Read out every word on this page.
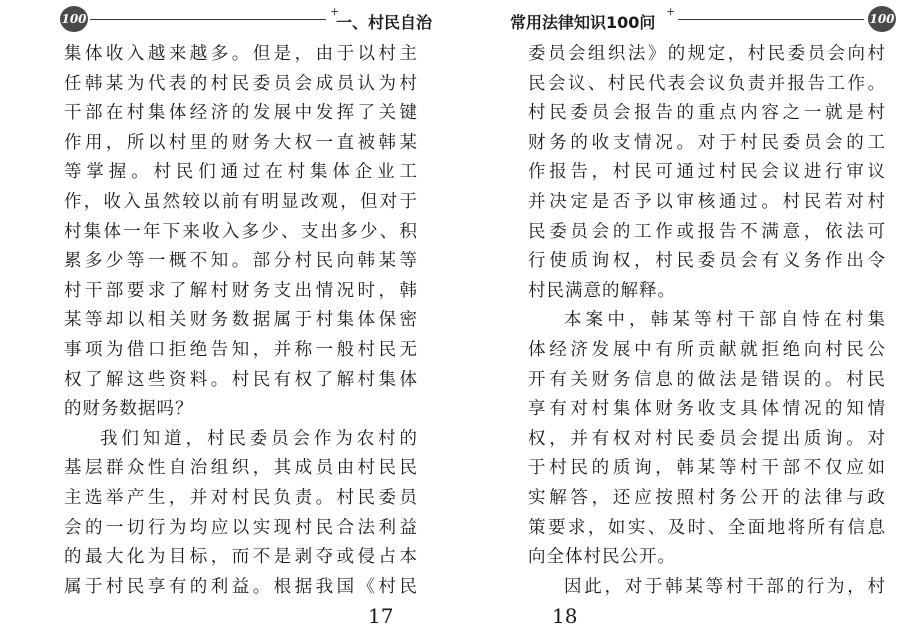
100
+
一、村民自治
17
常用法律知识100问
+
100
18
集体收入越来越多。但是，由于以村主
任韩某为代表的村民委员会成员认为村
干部在村集体经济的发展中发挥了关键
作用，所以村里的财务大权一直被韩某
等掌握。村民们通过在村集体企业工
作，收入虽然较以前有明显改观，但对于
村集体一年下来收入多少、支出多少、积
累多少等一概不知。部分村民向韩某等
村干部要求了解村财务支出情况时，韩
某等却以相关财务数据属于村集体保密
事项为借口拒绝告知，并称一般村民无
权了解这些资料。村民有权了解村集体
的财务数据吗？
我们知道，村民委员会作为农村的
基层群众性自治组织，其成员由村民民
主选举产生，并对村民负责。村民委员
会的一切行为均应以实现村民合法利益
的最大化为目标，而不是剥夺或侵占本
属于村民享有的利益。根据我国《村民
委员会组织法》的规定，村民委员会向村
民会议、村民代表会议负责并报告工作。
村民委员会报告的重点内容之一就是村
财务的收支情况。对于村民委员会的工
作报告，村民可通过村民会议进行审议
并决定是否予以审核通过。村民若对村
民委员会的工作或报告不满意，依法可
行使质询权，村民委员会有义务作出令
村民满意的解释。
本案中，韩某等村干部自恃在村集
体经济发展中有所贡献就拒绝向村民公
开有关财务信息的做法是错误的。村民
享有对村集体财务收支具体情况的知情
权，并有权对村民委员会提出质询。对
于村民的质询，韩某等村干部不仅应如
实解答，还应按照村务公开的法律与政
策要求，如实、及时、全面地将所有信息
向全体村民公开。
因此，对于韩某等村干部的行为，村
